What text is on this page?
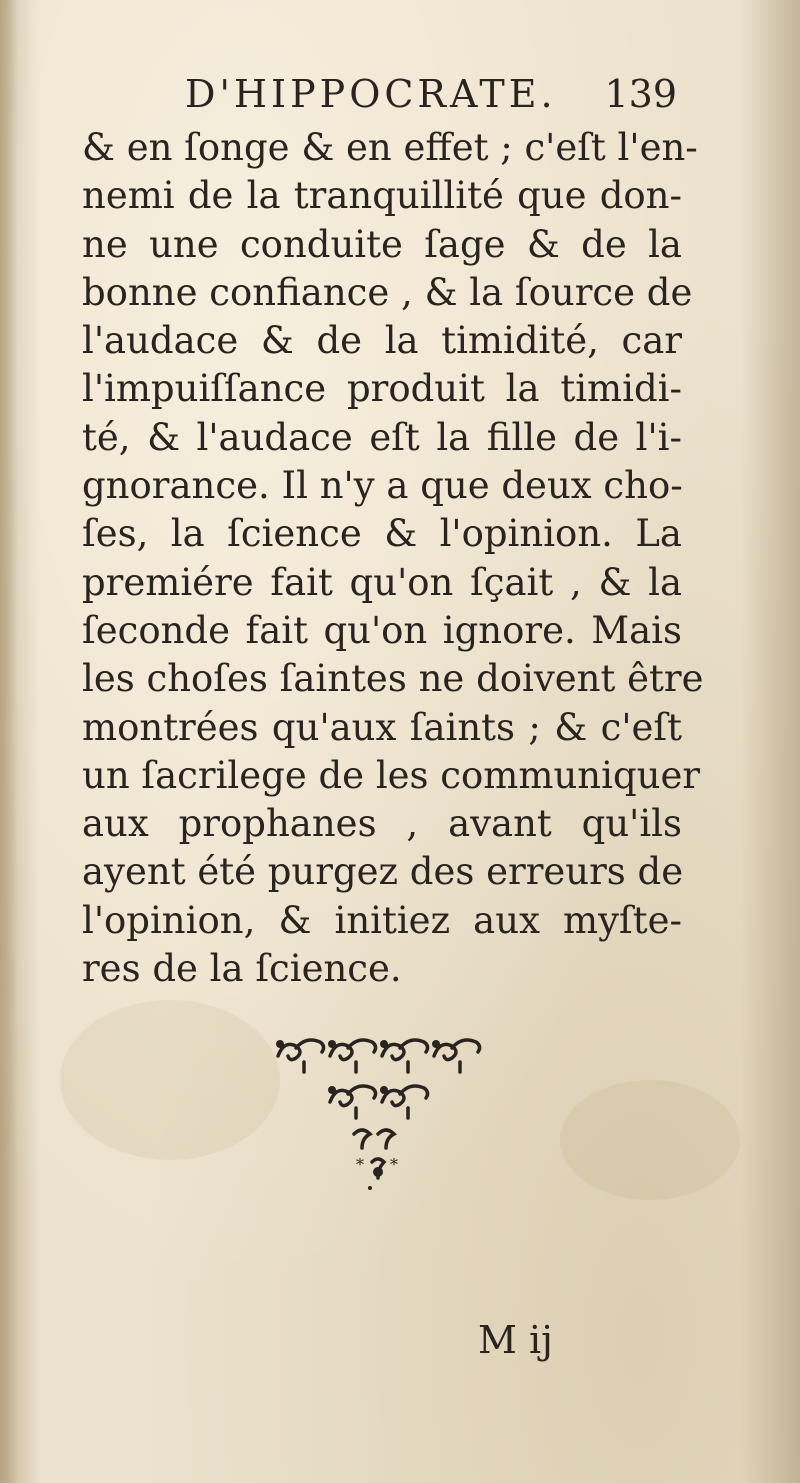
D'HIPPOCRATE. 139
& en ſonge & en effet ; c'eſt l'en-
nemi de la tranquillité que don-
ne une conduite ſage & de la
bonne confiance , & la ſource de
l'audace & de la timidité, car
l'impuiſſance produit la timidi-
té, & l'audace eſt la fille de l'i-
gnorance. Il n'y a que deux cho-
ſes, la ſcience & l'opinion. La
premiére fait qu'on ſçait , & la
ſeconde fait qu'on ignore. Mais
les choſes ſaintes ne doivent être
montrées qu'aux ſaints ; & c'eſt
un ſacrilege de les communiquer
aux prophanes , avant qu'ils
ayent été purgez des erreurs de
l'opinion, & initiez aux myſte-
res de la ſcience.
* *
M ij
